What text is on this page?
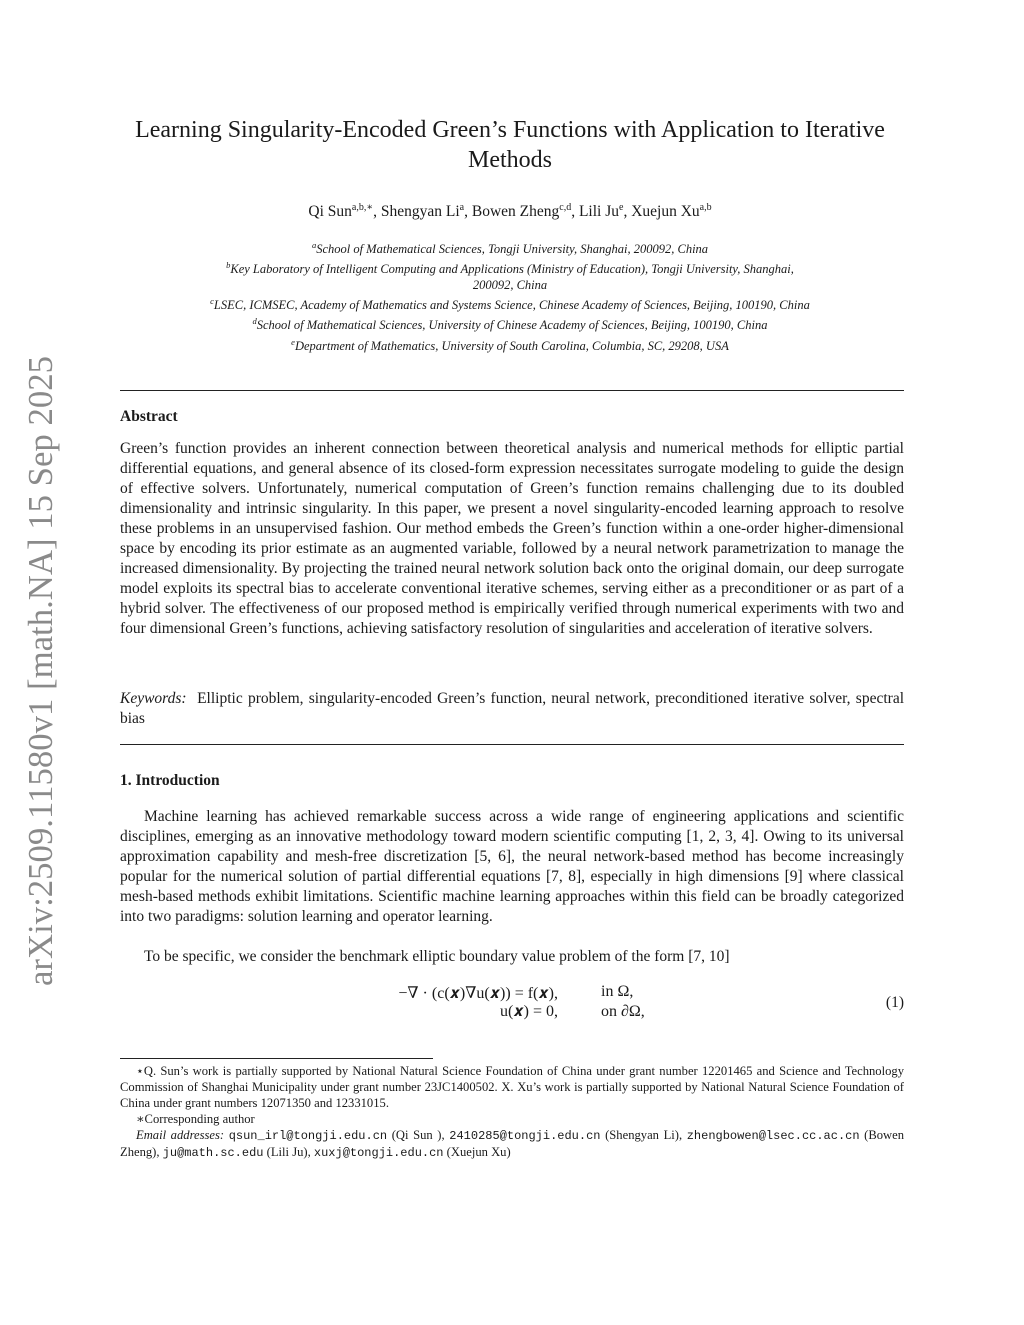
arXiv:2509.11580v1 [math.NA] 15 Sep 2025
Learning Singularity-Encoded Green’s Functions with Application to Iterative Methods
Qi Sun$^{a,b,∗}$, Shengyan Li$^a$, Bowen Zheng$^{c,d}$, Lili Ju$^e$, Xuejun Xu$^{a,b}$
$^a$School of Mathematical Sciences, Tongji University, Shanghai, 200092, China
$^b$Key Laboratory of Intelligent Computing and Applications (Ministry of Education), Tongji University, Shanghai, 200092, China
$^c$LSEC, ICMSEC, Academy of Mathematics and Systems Science, Chinese Academy of Sciences, Beijing, 100190, China
$^d$School of Mathematical Sciences, University of Chinese Academy of Sciences, Beijing, 100190, China
$^e$Department of Mathematics, University of South Carolina, Columbia, SC, 29208, USA
Abstract
Green’s function provides an inherent connection between theoretical analysis and numerical methods for elliptic partial differential equations, and general absence of its closed-form expression necessitates surrogate modeling to guide the design of effective solvers. Unfortunately, numerical computation of Green’s function remains challenging due to its doubled dimensionality and intrinsic singularity. In this paper, we present a novel singularity-encoded learning approach to resolve these problems in an unsupervised fashion. Our method embeds the Green’s function within a one-order higher-dimensional space by encoding its prior estimate as an augmented variable, followed by a neural network parametrization to manage the increased dimensionality. By projecting the trained neural network solution back onto the original domain, our deep surrogate model exploits its spectral bias to accelerate conventional iterative schemes, serving either as a preconditioner or as part of a hybrid solver. The effectiveness of our proposed method is empirically verified through numerical experiments with two and four dimensional Green’s functions, achieving satisfactory resolution of singularities and acceleration of iterative solvers.
Keywords: Elliptic problem, singularity-encoded Green’s function, neural network, preconditioned iterative solver, spectral bias
1. Introduction
Machine learning has achieved remarkable success across a wide range of engineering applications and scientific disciplines, emerging as an innovative methodology toward modern scientific computing [1, 2, 3, 4]. Owing to its universal approximation capability and mesh-free discretization [5, 6], the neural network-based method has become increasingly popular for the numerical solution of partial differential equations [7, 8], especially in high dimensions [9] where classical mesh-based methods exhibit limitations. Scientific machine learning approaches within this field can be broadly categorized into two paradigms: solution learning and operator learning.
To be specific, we consider the benchmark elliptic boundary value problem of the form [7, 10]
−∇ · (c(𝒙)∇u(𝒙)) = f(𝒙),	in Ω,
u(𝒙) = 0,	on ∂Ω,
(1)
⋆Q. Sun’s work is partially supported by National Natural Science Foundation of China under grant number 12201465 and Science and Technology Commission of Shanghai Municipality under grant number 23JC1400502. X. Xu’s work is partially supported by National Natural Science Foundation of China under grant numbers 12071350 and 12331015.
∗Corresponding author
Email addresses: qsun_irl@tongji.edu.cn (Qi Sun ), 2410285@tongji.edu.cn (Shengyan Li), zhengbowen@lsec.cc.ac.cn (Bowen Zheng), ju@math.sc.edu (Lili Ju), xuxj@tongji.edu.cn (Xuejun Xu)
